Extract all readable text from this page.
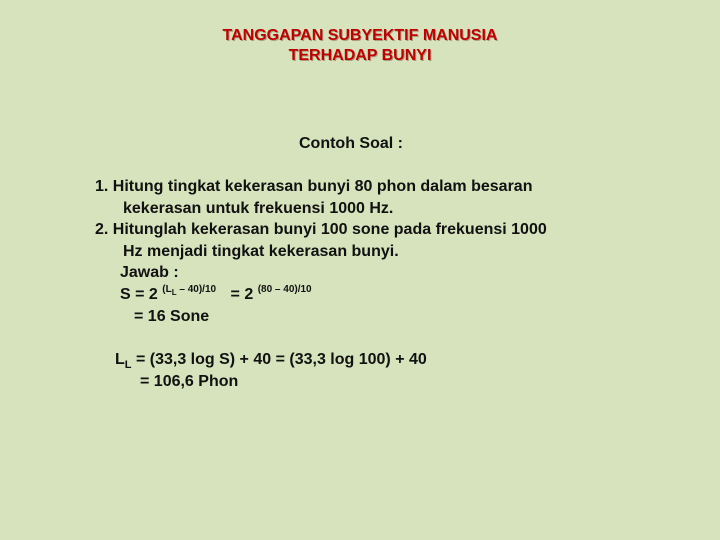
TANGGAPAN SUBYEKTIF MANUSIA
TERHADAP BUNYI
Contoh Soal :
1. Hitung tingkat kekerasan bunyi 80 phon dalam besaran
kekerasan untuk frekuensi 1000 Hz.
2. Hitunglah kekerasan bunyi 100 sone pada frekuensi 1000
Hz menjadi tingkat kekerasan bunyi.
Jawab :
S = 2 $^{(L_L - 40)/10}$ = 2 $^{(80 - 40)/10}$
= 16 Sone
$L_L = (33,3$ log S) + 40 = (33,3 log 100) + 40
= 106,6 Phon
